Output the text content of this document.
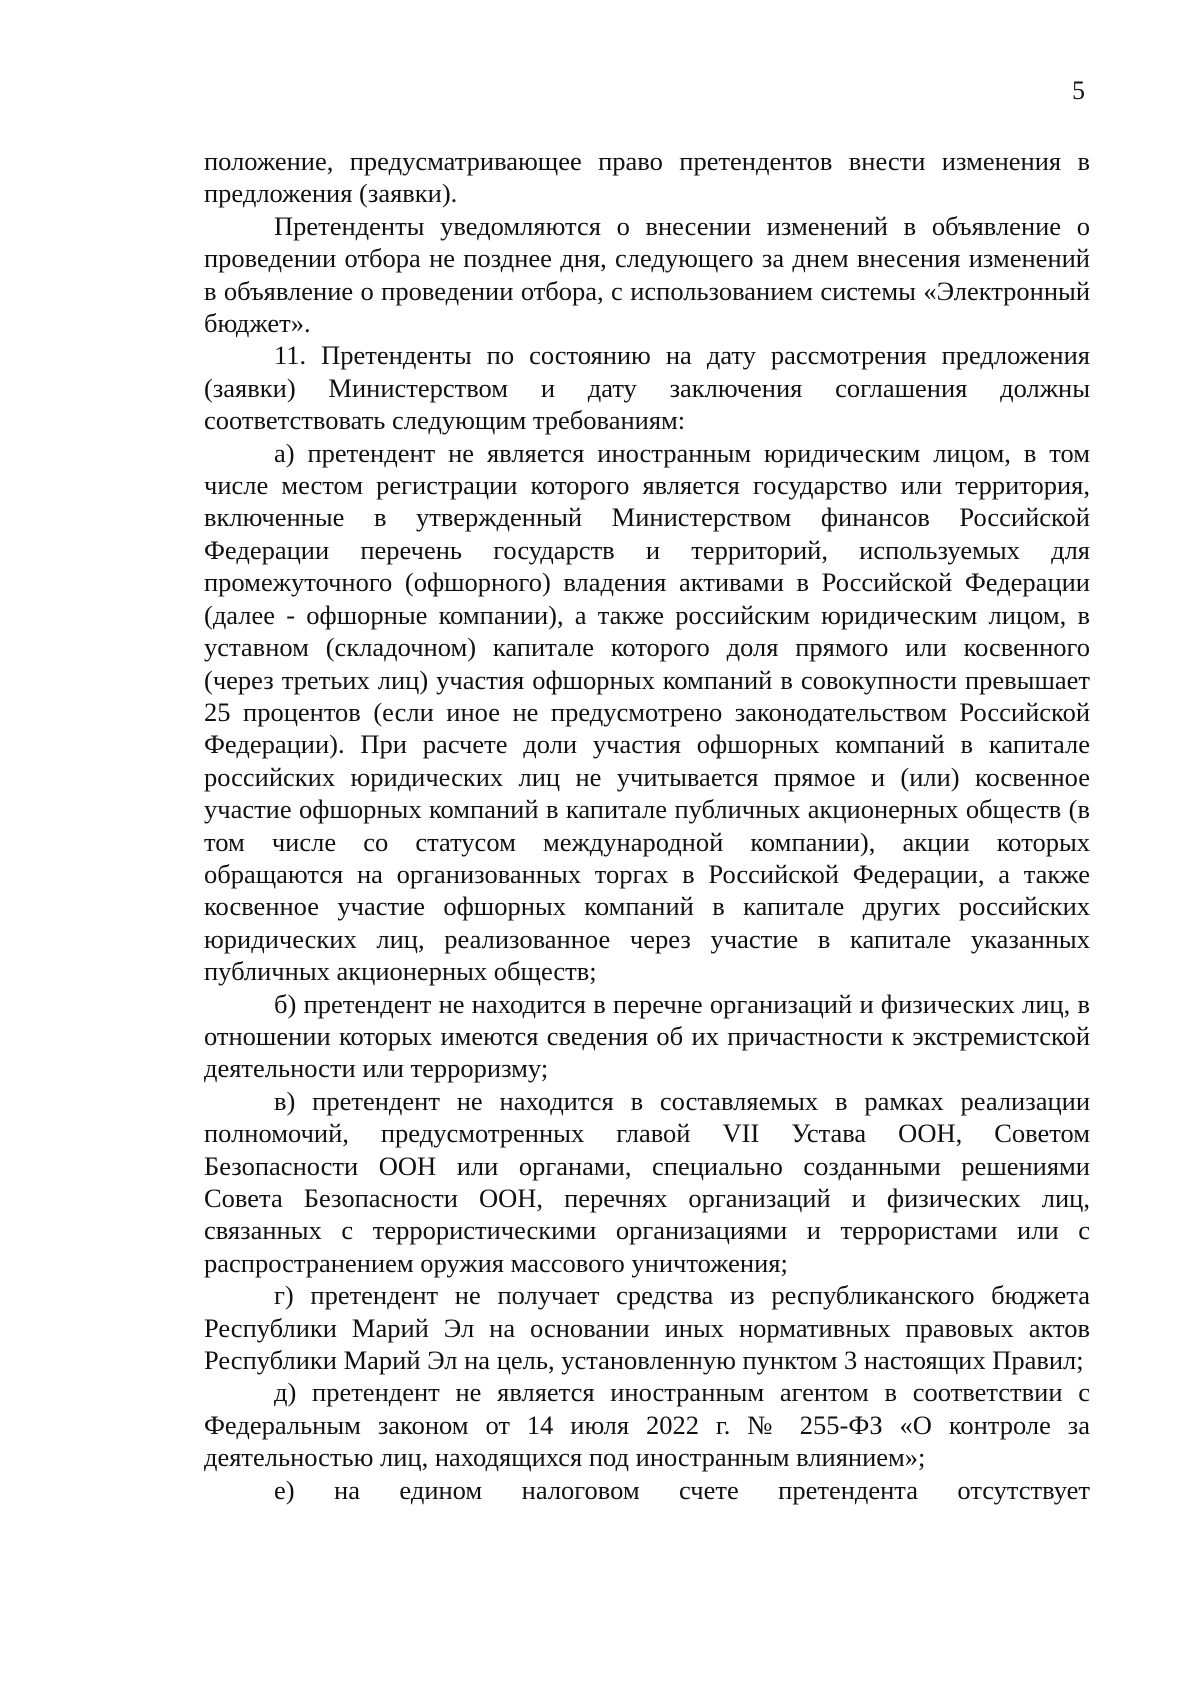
5

положение, предусматривающее право претендентов внести изменения в предложения (заявки).

Претенденты уведомляются о внесении изменений в объявление о проведении отбора не позднее дня, следующего за днем внесения изменений в объявление о проведении отбора, с использованием системы «Электронный бюджет».

11. Претенденты по состоянию на дату рассмотрения предложения (заявки) Министерством и дату заключения соглашения должны соответствовать следующим требованиям:

а) претендент не является иностранным юридическим лицом, в том числе местом регистрации которого является государство или территория, включенные в утвержденный Министерством финансов Российской Федерации перечень государств и территорий, используемых для промежуточного (офшорного) владения активами в Российской Федерации (далее - офшорные компании), а также российским юридическим лицом, в уставном (складочном) капитале которого доля прямого или косвенного (через третьих лиц) участия офшорных компаний в совокупности превышает 25 процентов (если иное не предусмотрено законодательством Российской Федерации). При расчете доли участия офшорных компаний в капитале российских юридических лиц не учитывается прямое и (или) косвенное участие офшорных компаний в капитале публичных акционерных обществ (в том числе со статусом международной компании), акции которых обращаются на организованных торгах в Российской Федерации, а также косвенное участие офшорных компаний в капитале других российских юридических лиц, реализованное через участие в капитале указанных публичных акционерных обществ;

б) претендент не находится в перечне организаций и физических лиц, в отношении которых имеются сведения об их причастности к экстремистской деятельности или терроризму;

в) претендент не находится в составляемых в рамках реализации полномочий, предусмотренных главой VII Устава ООН, Советом Безопасности ООН или органами, специально созданными решениями Совета Безопасности ООН, перечнях организаций и физических лиц, связанных с террористическими организациями и террористами или с распространением оружия массового уничтожения;

г) претендент не получает средства из республиканского бюджета Республики Марий Эл на основании иных нормативных правовых актов Республики Марий Эл на цель, установленную пунктом 3 настоящих Правил;

д) претендент не является иностранным агентом в соответствии с Федеральным законом от 14 июля 2022 г. № 255-ФЗ «О контроле за деятельностью лиц, находящихся под иностранным влиянием»;

е) на едином налоговом счете претендента отсутствует
